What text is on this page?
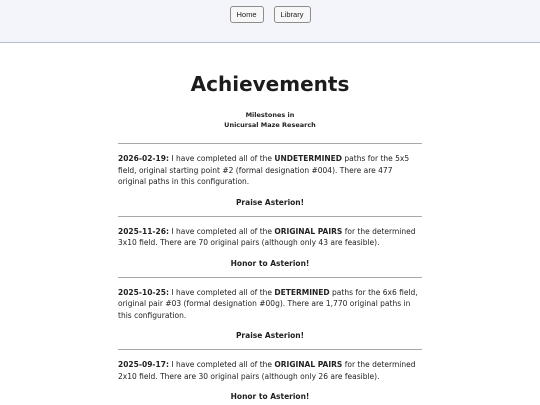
Home	Library
Achievements
Milestones in
Unicursal Maze Research

2026-02-19: I have completed all of the UNDETERMINED paths for the 5x5 field, original starting point #2 (formal designation #004). There are 477 original paths in this configuration.

Praise Asterion!

2025-11-26: I have completed all of the ORIGINAL PAIRS for the determined 3x10 field. There are 70 original pairs (although only 43 are feasible).

Honor to Asterion!

2025-10-25: I have completed all of the DETERMINED paths for the 6x6 field, original pair #03 (formal designation #00g). There are 1,770 original paths in this configuration.

Praise Asterion!

2025-09-17: I have completed all of the ORIGINAL PAIRS for the determined 2x10 field. There are 30 original pairs (although only 26 are feasible).

Honor to Asterion!
